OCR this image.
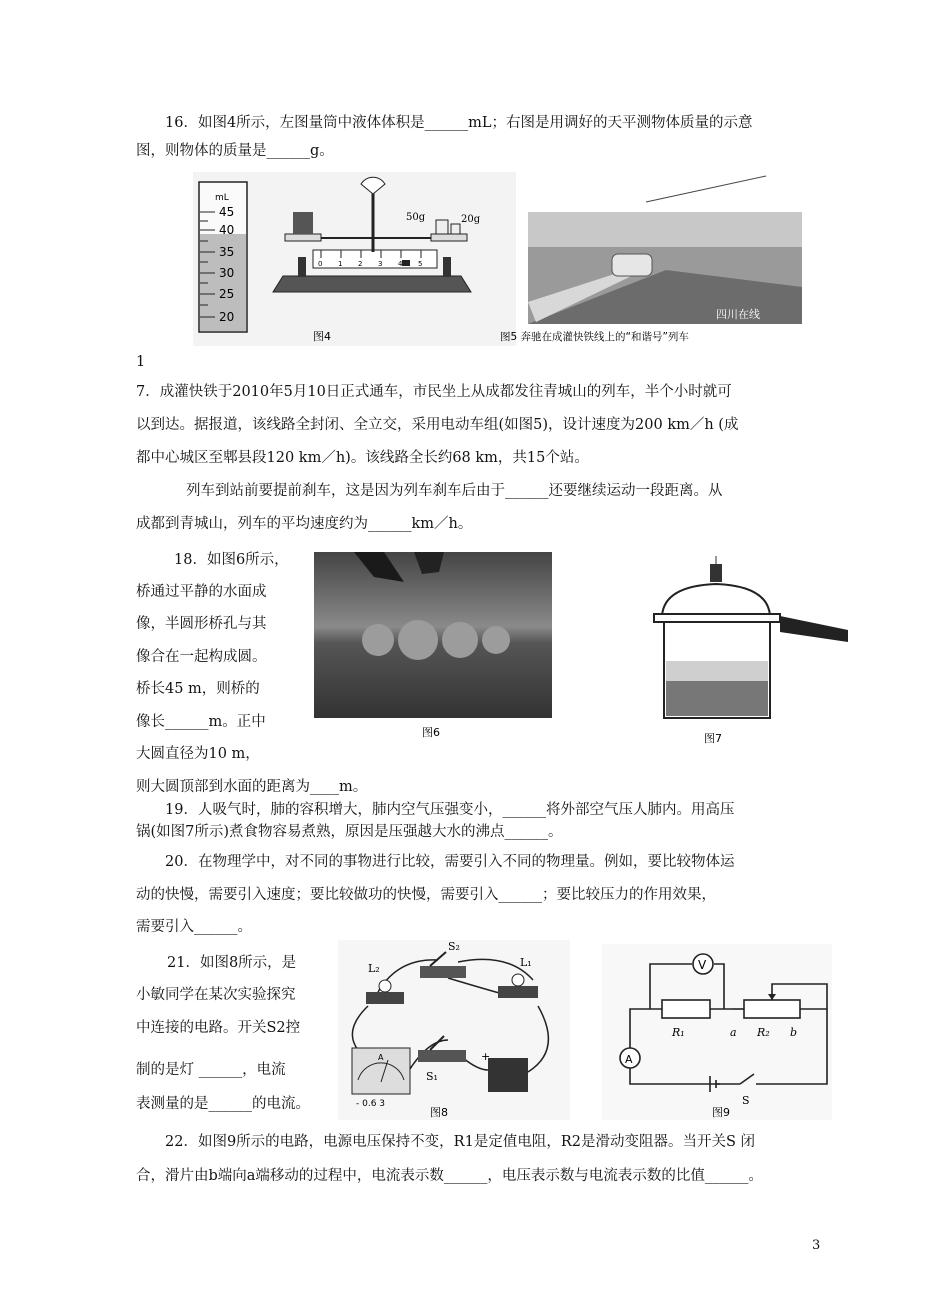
16．如图4所示，左图量筒中液体体积是______mL；右图是用调好的天平测物体质量的示意
图，则物体的质量是______g。
mL
45
40
35
30
25
20
0 1 2 3 4 5
50g	20g
图4
四川在线
图5 奔驰在成灌快铁线上的“和谐号”列车
1
7．成灌快铁于2010年5月10日正式通车，市民坐上从成都发往青城山的列车，半个小时就可
以到达。据报道，该线路全封闭、全立交，采用电动车组(如图5)，设计速度为200 km／h (成
都中心城区至郫县段120 km／h)。该线路全长约68 km，共15个站。
列车到站前要提前刹车，这是因为列车刹车后由于______还要继续运动一段距离。从
成都到青城山，列车的平均速度约为______km／h。
18．如图6所示，
桥通过平静的水面成
像，半圆形桥孔与其
像合在一起构成圆。
桥长45 m，则桥的
像长______m。正中
大圆直径为10 m，
则大圆顶部到水面的距离为____m。
图6	图7
19．人吸气时，肺的容积增大，肺内空气压强变小，______将外部空气压人肺内。用高压
锅(如图7所示)煮食物容易煮熟，原因是压强越大水的沸点______。
20．在物理学中，对不同的事物进行比较，需要引入不同的物理量。例如，要比较物体运
动的快慢，需要引入速度；要比较做功的快慢，需要引入______；要比较压力的作用效果，
需要引入______。
21．如图8所示，是
小敏同学在某次实验探究
中连接的电路。开关S2控
制的是灯 ______，电流
表测量的是______的电流。
S₂
L₂	L₁
S₁
A
- 0.6 3
+
图8
V
R₁	a R₂ b
A
S
图9
22．如图9所示的电路，电源电压保持不变，R1是定值电阻，R2是滑动变阻器。当开关S 闭
合，滑片由b端向a端移动的过程中，电流表示数______，电压表示数与电流表示数的比值______。
3
